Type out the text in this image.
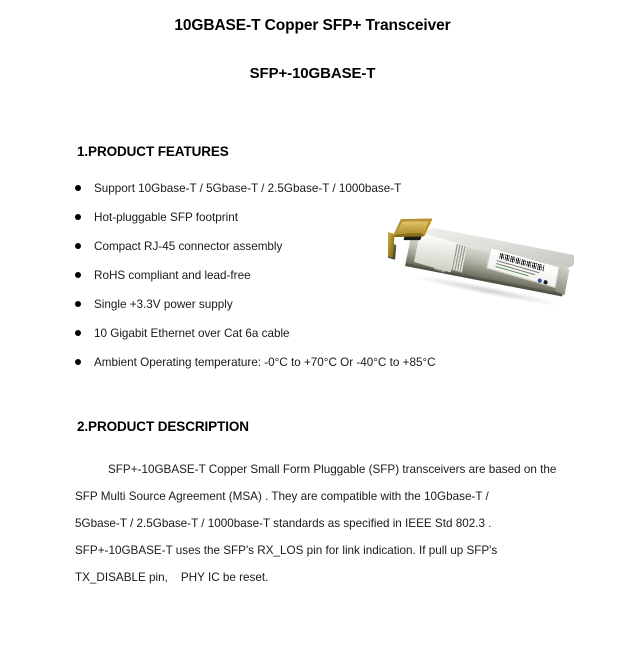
10GBASE-T Copper SFP+ Transceiver
SFP+-10GBASE-T
1.PRODUCT FEATURES
Support 10Gbase-T / 5Gbase-T / 2.5Gbase-T / 1000base-T
Hot-pluggable SFP footprint
Compact RJ-45 connector assembly
RoHS compliant and lead-free
Single +3.3V power supply
10 Gigabit Ethernet over Cat 6a cable
Ambient Operating temperature: -0°C to +70°C Or -40°C to +85°C
2.PRODUCT DESCRIPTION
SFP+-10GBASE-T Copper Small Form Pluggable (SFP) transceivers are based on the
SFP Multi Source Agreement (MSA) . They are compatible with the 10Gbase-T /
5Gbase-T / 2.5Gbase-T / 1000base-T standards as specified in IEEE Std 802.3 .
SFP+-10GBASE-T uses the SFP's RX_LOS pin for link indication. If pull up SFP's
TX_DISABLE pin,    PHY IC be reset.
